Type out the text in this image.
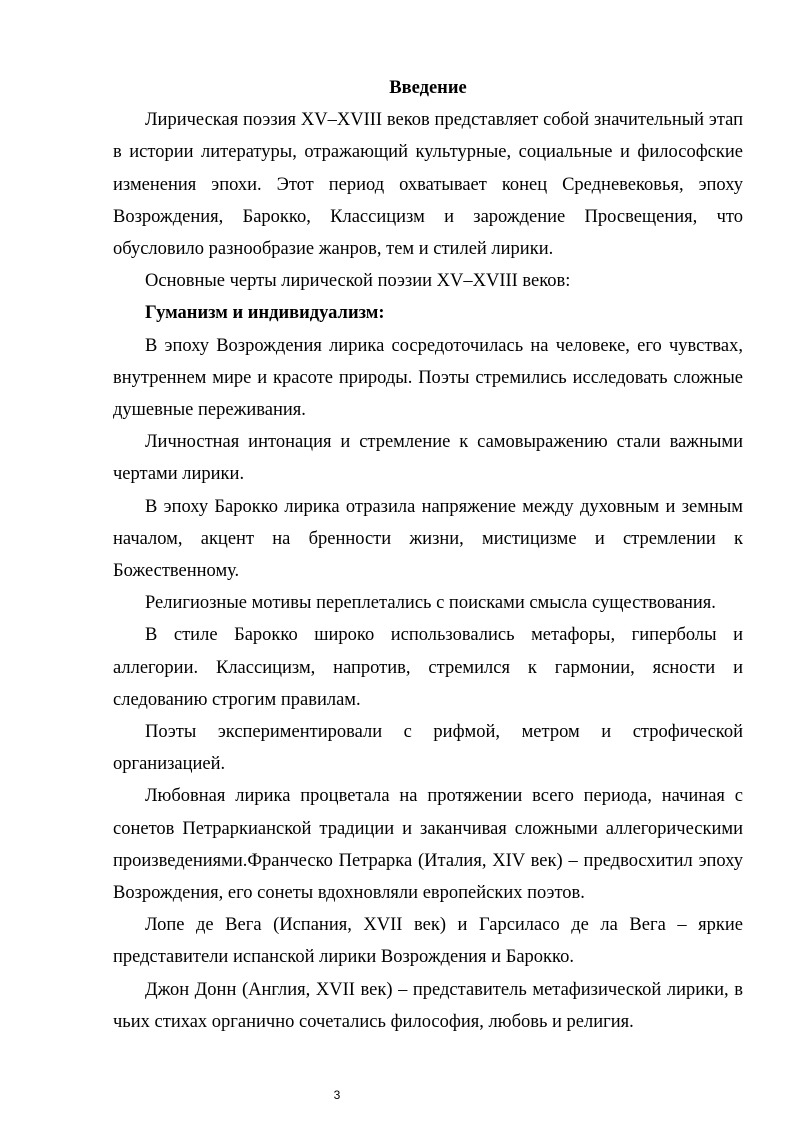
Введение

Лирическая поэзия XV–XVIII веков представляет собой значительный этап в истории литературы, отражающий культурные, социальные и философские изменения эпохи. Этот период охватывает конец Средневековья, эпоху Возрождения, Барокко, Классицизм и зарождение Просвещения, что обусловило разнообразие жанров, тем и стилей лирики.

Основные черты лирической поэзии XV–XVIII веков:

Гуманизм и индивидуализм:

В эпоху Возрождения лирика сосредоточилась на человеке, его чувствах, внутреннем мире и красоте природы. Поэты стремились исследовать сложные душевные переживания.

Личностная интонация и стремление к самовыражению стали важными чертами лирики.

В эпоху Барокко лирика отразила напряжение между духовным и земным началом, акцент на бренности жизни, мистицизме и стремлении к Божественному.

Религиозные мотивы переплетались с поисками смысла существования.

В стиле Барокко широко использовались метафоры, гиперболы и аллегории. Классицизм, напротив, стремился к гармонии, ясности и следованию строгим правилам.

Поэты экспериментировали с рифмой, метром и строфической организацией.

Любовная лирика процветала на протяжении всего периода, начиная с сонетов Петраркианской традиции и заканчивая сложными аллегорическими произведениями.Франческо Петрарка (Италия, XIV век) – предвосхитил эпоху Возрождения, его сонеты вдохновляли европейских поэтов.

Лопе де Вега (Испания, XVII век) и Гарсиласо де ла Вега – яркие представители испанской лирики Возрождения и Барокко.

Джон Донн (Англия, XVII век) – представитель метафизической лирики, в чьих стихах органично сочетались философия, любовь и религия.

3
